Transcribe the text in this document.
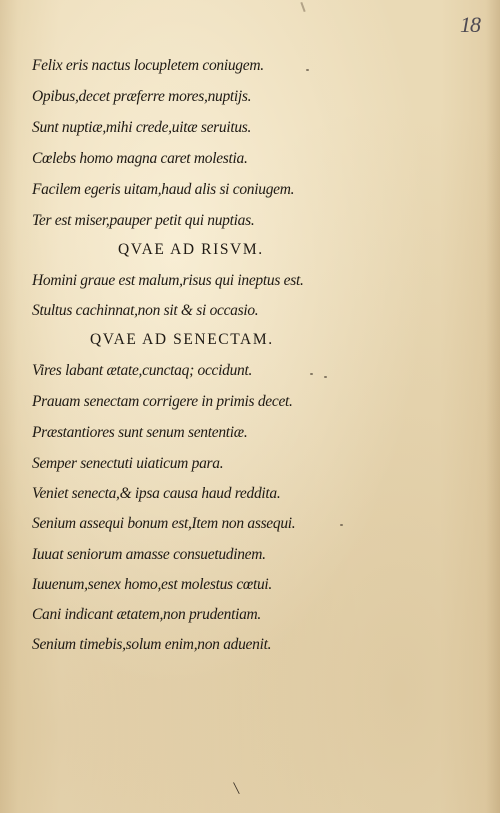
18
Felix eris nactus locupletem coniugem.
Opibus,decet præferre mores,nuptijs.
Sunt nuptiæ,mihi crede,uitæ seruitus.
Cœlebs homo magna caret molestia.
Facilem egeris uitam,haud alis si coniugem.
Ter est miser,pauper petit qui nuptias.
QVAE AD RISVM.
Homini graue est malum,risus qui ineptus est.
Stultus cachinnat,non sit & si occasio.
QVAE AD SENECTAM.
Vires labant ætate,cunctaq; occidunt.
Prauam senectam corrigere in primis decet.
Præstantiores sunt senum sententiæ.
Semper senectuti uiaticum para.
Veniet senecta,& ipsa causa haud reddita.
Senium assequi bonum est,Item non assequi.
Iuuat seniorum amasse consuetudinem.
Iuuenum,senex homo,est molestus cœtui.
Cani indicant ætatem,non prudentiam.
Senium timebis,solum enim,non aduenit.
\
